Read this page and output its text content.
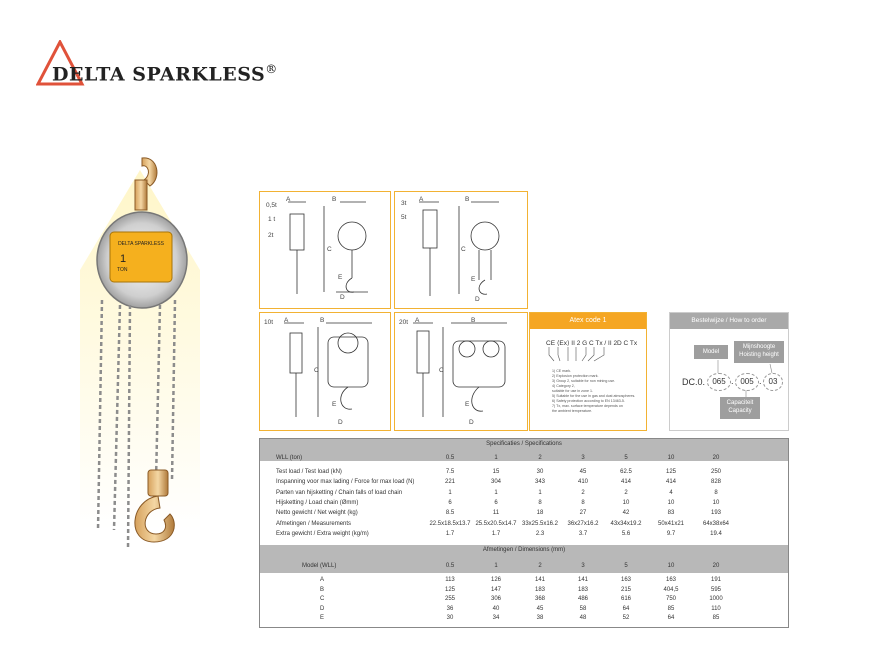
DELTA SPARKLESS®
DELTA SPARKLESS
1
TON
0,5t
1 t
2t
A	B
C
E
D
3t
5t
A	B
C
E
D
10t A	B
C
E
D
20t A	B
C
E
D
Atex code 1
CE ⟨Ex⟩ II 2 G C Tx / II 2D C Tx
1) CE mark.
2) Explosion protection mark.
3) Group 2, suitable for non mining use.
4) Category 2,
suitable for use in zone 1.
5) Suitable for the use in gas and dust atmospheres.
6) Safety protection according to EN 13463-5.
7) Tx, max. surface temperature depends on
the ambient temperature.
Bestelwijze / How to order
Model
Mijnshoogte
Hoisting height
DC.0. 065 . 005 . 03
Capaciteit
Capacity
Specificaties / Specifications
WLL (ton)	0.5	1	2	3	5	10	20
Test load / Test load (kN)	7.5	15	30	45	62.5	125	250
Inspanning voor max lading / Force for max load (N)	221	304	343	410	414	414	828
Parten van hijsketting / Chain falls of load chain	1	1	1	2	2	4	8
Hijsketting / Load chain (Ømm)	6	6	8	8	10	10	10
Netto gewicht / Net weight (kg)	8.5	11	18	27	42	83	193
Afmetingen / Measurements	22.5x18.5x13.7 25.5x20.5x14.7 33x25.5x16.2	36x27x16.2	43x34x19.2	50x41x21	64x38x64
Extra gewicht / Extra weight (kg/m)	1.7	1.7	2.3	3.7	5.6	9.7	19.4
Afmetingen / Dimensions (mm)
Model (WLL)	0.5	1	2	3	5	10	20
A	113	126	141	141	163	163	191
B	125	147	183	183	215	404,5	595
C	255	306	368	486	616	750	1000
D	36	40	45	58	64	85	110
E	30	34	38	48	52	64	85
